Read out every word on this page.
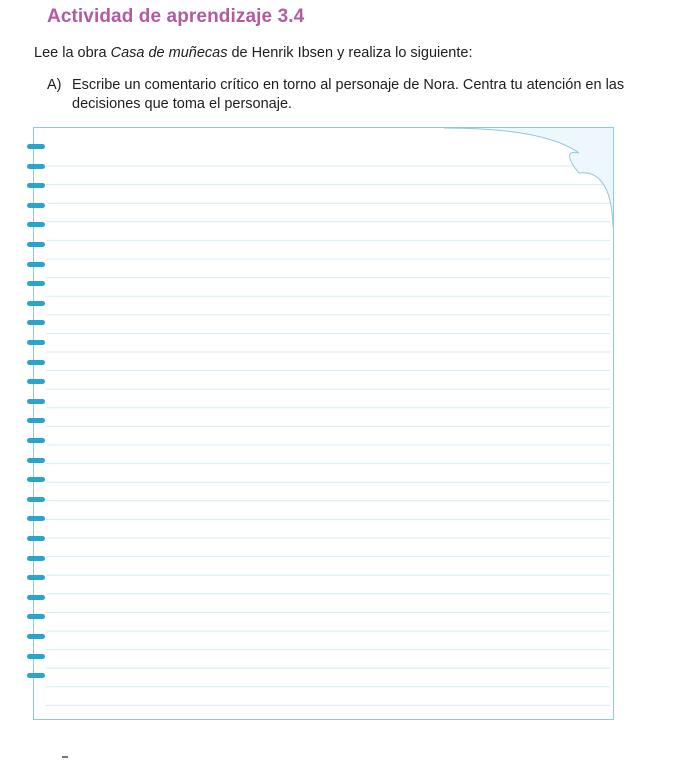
Actividad de aprendizaje 3.4
Lee la obra Casa de muñecas de Henrik Ibsen y realiza lo siguiente:
A) Escribe un comentario crítico en torno al personaje de Nora. Centra tu atención en las decisiones que toma el personaje.
